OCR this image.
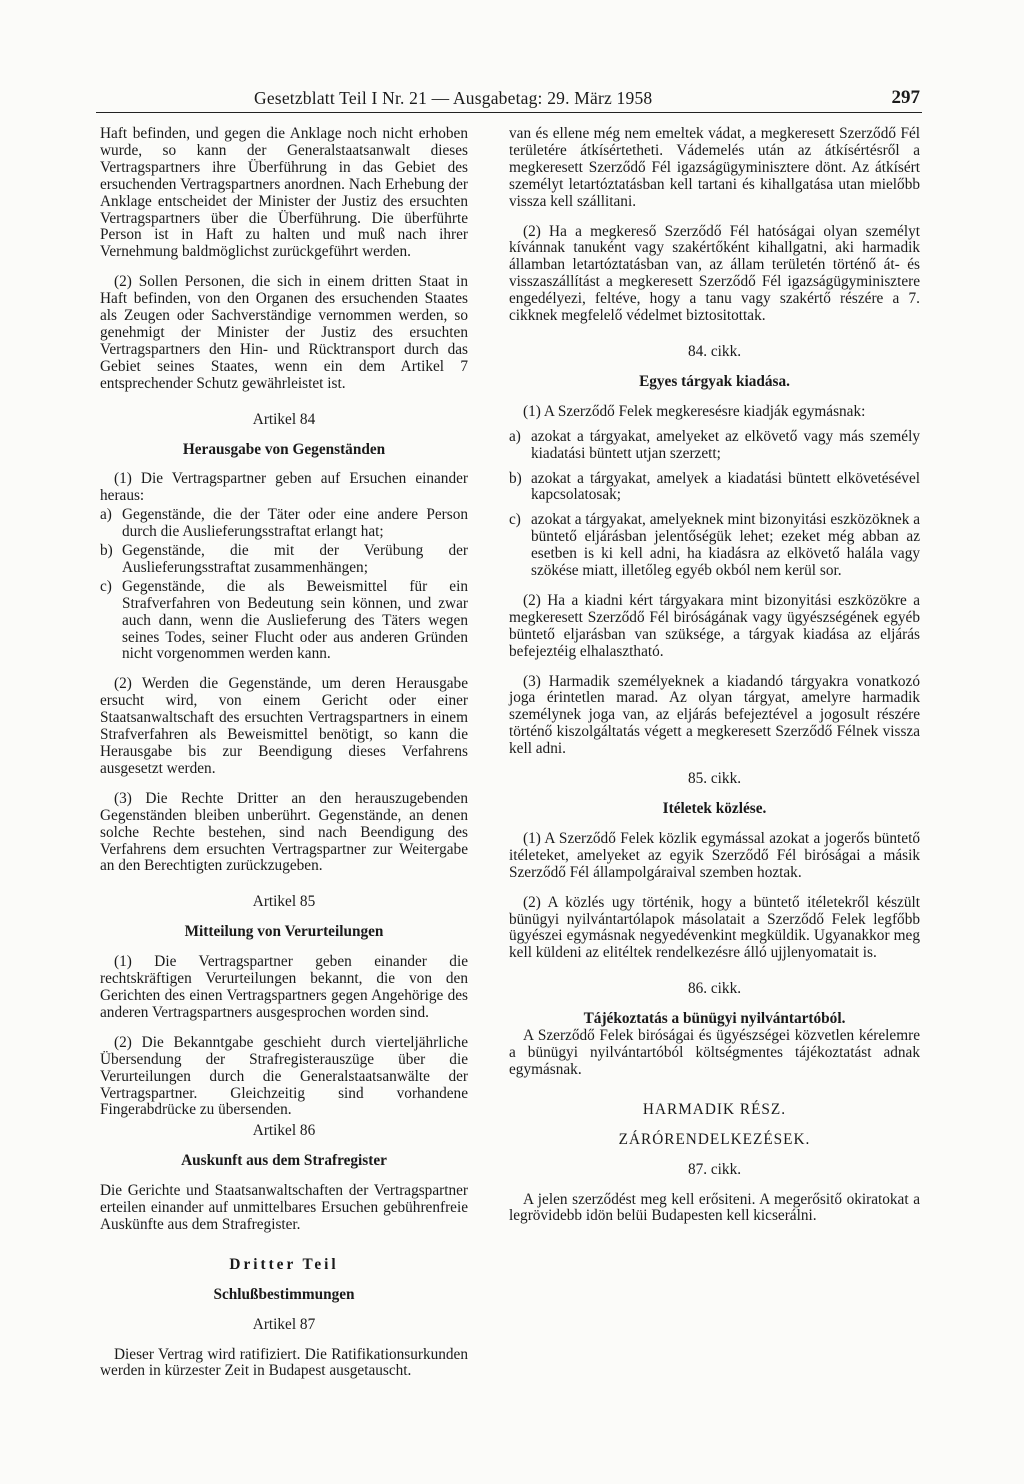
Gesetzblatt Teil I Nr. 21 — Ausgabetag: 29. März 1958	297

Haft befinden, und gegen die Anklage noch nicht erhoben wurde, so kann der Generalstaatsanwalt dieses Vertragspartners ihre Überführung in das Gebiet des ersuchenden Vertragspartners anordnen. Nach Erhebung der Anklage entscheidet der Minister der Justiz des ersuchten Vertragspartners über die Überführung. Die überführte Person ist in Haft zu halten und muß nach ihrer Vernehmung baldmöglichst zurückgeführt werden.

(2) Sollen Personen, die sich in einem dritten Staat in Haft befinden, von den Organen des ersuchenden Staates als Zeugen oder Sachverständige vernommen werden, so genehmigt der Minister der Justiz des ersuchten Vertragspartners den Hin- und Rücktransport durch das Gebiet seines Staates, wenn ein dem Artikel 7 entsprechender Schutz gewährleistet ist.

Artikel 84

Herausgabe von Gegenständen

(1) Die Vertragspartner geben auf Ersuchen einander heraus:

a) Gegenstände, die der Täter oder eine andere Person durch die Auslieferungsstraftat erlangt hat;
b) Gegenstände, die mit der Verübung der Auslieferungsstraftat zusammenhängen;
c) Gegenstände, die als Beweismittel für ein Strafverfahren von Bedeutung sein können, und zwar auch dann, wenn die Auslieferung des Täters wegen seines Todes, seiner Flucht oder aus anderen Gründen nicht vorgenommen werden kann.

(2) Werden die Gegenstände, um deren Herausgabe ersucht wird, von einem Gericht oder einer Staatsanwaltschaft des ersuchten Vertragspartners in einem Strafverfahren als Beweismittel benötigt, so kann die Herausgabe bis zur Beendigung dieses Verfahrens ausgesetzt werden.

(3) Die Rechte Dritter an den herauszugebenden Gegenständen bleiben unberührt. Gegenstände, an denen solche Rechte bestehen, sind nach Beendigung des Verfahrens dem ersuchten Vertragspartner zur Weitergabe an den Berechtigten zurückzugeben.

Artikel 85

Mitteilung von Verurteilungen

(1) Die Vertragspartner geben einander die rechtskräftigen Verurteilungen bekannt, die von den Gerichten des einen Vertragspartners gegen Angehörige des anderen Vertragspartners ausgesprochen worden sind.

(2) Die Bekanntgabe geschieht durch vierteljährliche Übersendung der Strafregisterauszüge über die Verurteilungen durch die Generalstaatsanwälte der Vertragspartner. Gleichzeitig sind vorhandene Fingerabdrücke zu übersenden.

Artikel 86

Auskunft aus dem Strafregister

Die Gerichte und Staatsanwaltschaften der Vertragspartner erteilen einander auf unmittelbares Ersuchen gebührenfreie Auskünfte aus dem Strafregister.

Dritter Teil

Schlußbestimmungen

Artikel 87

Dieser Vertrag wird ratifiziert. Die Ratifikationsurkunden werden in kürzester Zeit in Budapest ausgetauscht.

van és ellene még nem emeltek vádat, a megkeresett Szerződő Fél területére átkísértetheti. Vádemelés után az átkísértésről a megkeresett Szerződő Fél igazságügyminisztere dönt. Az átkísért személyt letartóztatásban kell tartani és kihallgatása utan mielőbb vissza kell szállitani.

(2) Ha a megkereső Szerződő Fél hatóságai olyan személyt kívánnak tanuként vagy szakértőként kihallgatni, aki harmadik államban letartóztatásban van, az állam területén történő át- és visszaszállítást a megkeresett Szerződő Fél igazságügyminisztere engedélyezi, feltéve, hogy a tanu vagy szakértő részére a 7. cikknek megfelelő védelmet biztositottak.

84. cikk.

Egyes tárgyak kiadása.

(1) A Szerződő Felek megkeresésre kiadják egymásnak:

a) azokat a tárgyakat, amelyeket az elkövető vagy más személy kiadatási büntett utjan szerzett;
b) azokat a tárgyakat, amelyek a kiadatási büntett elkövetésével kapcsolatosak;
c) azokat a tárgyakat, amelyeknek mint bizonyitási eszközöknek a büntető eljárásban jelentőségük lehet; ezeket még abban az esetben is ki kell adni, ha kiadásra az elkövető halála vagy szökése miatt, illetőleg egyéb okból nem kerül sor.

(2) Ha a kiadni kért tárgyakara mint bizonyitási eszközökre a megkeresett Szerződő Fél biróságának vagy ügyészségének egyéb büntető eljarásban van szüksége, a tárgyak kiadása az eljárás befejeztéig elhalasztható.

(3) Harmadik személyeknek a kiadandó tárgyakra vonatkozó joga érintetlen marad. Az olyan tárgyat, amelyre harmadik személynek joga van, az eljárás befejeztével a jogosult részére történő kiszolgáltatás végett a megkeresett Szerződő Félnek vissza kell adni.

85. cikk.

Itéletek közlése.

(1) A Szerződő Felek közlik egymással azokat a jogerős büntető itéleteket, amelyeket az egyik Szerződő Fél biróságai a másik Szerződő Fél állampolgáraival szemben hoztak.

(2) A közlés ugy történik, hogy a büntető itéletekről készült bünügyi nyilvántartólapok másolatait a Szerződő Felek legfőbb ügyészei egymásnak negyedévenkint megküldik. Ugyanakkor meg kell küldeni az elitéltek rendelkezésre álló ujjlenyomatait is.

86. cikk.

Tájékoztatás a bünügyi nyilvántartóból.

A Szerződő Felek biróságai és ügyészségei közvetlen kérelemre a bünügyi nyilvántartóból költségmentes tájékoztatást adnak egymásnak.

HARMADIK RÉSZ.

ZÁRÓRENDELKEZÉSEK.

87. cikk.

A jelen szerződést meg kell erősiteni. A megerősitő okiratokat a legrövidebb idön belüi Budapesten kell kicserálni.
